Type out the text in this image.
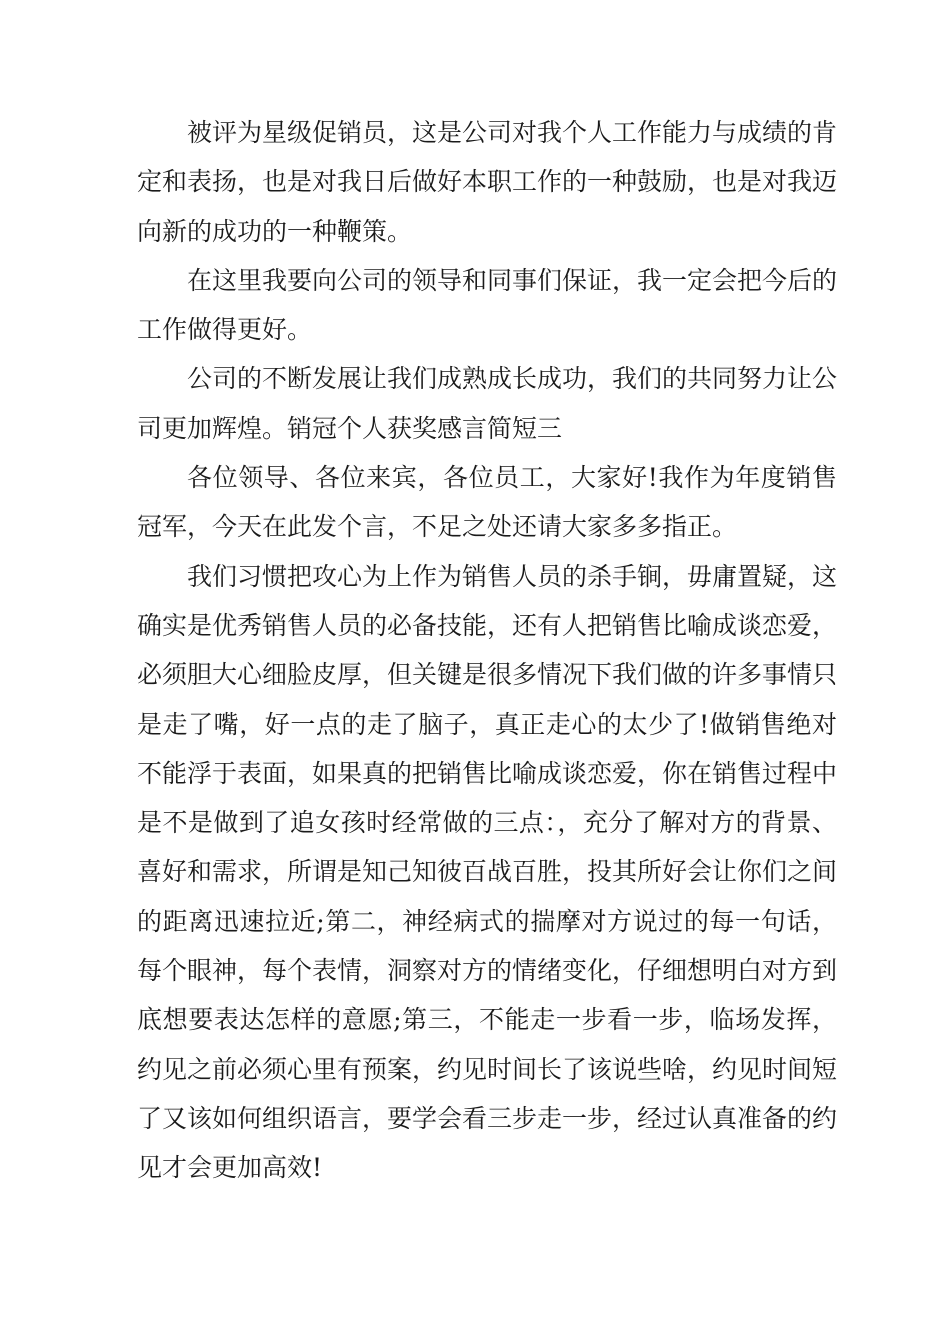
被评为星级促销员，这是公司对我个人工作能力与成绩的肯定和表扬，也是对我日后做好本职工作的一种鼓励，也是对我迈向新的成功的一种鞭策。

在这里我要向公司的领导和同事们保证，我一定会把今后的工作做得更好。

公司的不断发展让我们成熟成长成功，我们的共同努力让公司更加辉煌。销冠个人获奖感言简短三

各位领导、各位来宾，各位员工，大家好!我作为年度销售冠军，今天在此发个言，不足之处还请大家多多指正。

我们习惯把攻心为上作为销售人员的杀手锏，毋庸置疑，这确实是优秀销售人员的必备技能，还有人把销售比喻成谈恋爱，必须胆大心细脸皮厚，但关键是很多情况下我们做的许多事情只是走了嘴，好一点的走了脑子，真正走心的太少了!做销售绝对不能浮于表面，如果真的把销售比喻成谈恋爱，你在销售过程中是不是做到了追女孩时经常做的三点：，充分了解对方的背景、喜好和需求，所谓是知己知彼百战百胜，投其所好会让你们之间的距离迅速拉近;第二，神经病式的揣摩对方说过的每一句话，每个眼神，每个表情，洞察对方的情绪变化，仔细想明白对方到底想要表达怎样的意愿;第三，不能走一步看一步，临场发挥，约见之前必须心里有预案，约见时间长了该说些啥，约见时间短了又该如何组织语言，要学会看三步走一步，经过认真准备的约见才会更加高效!
